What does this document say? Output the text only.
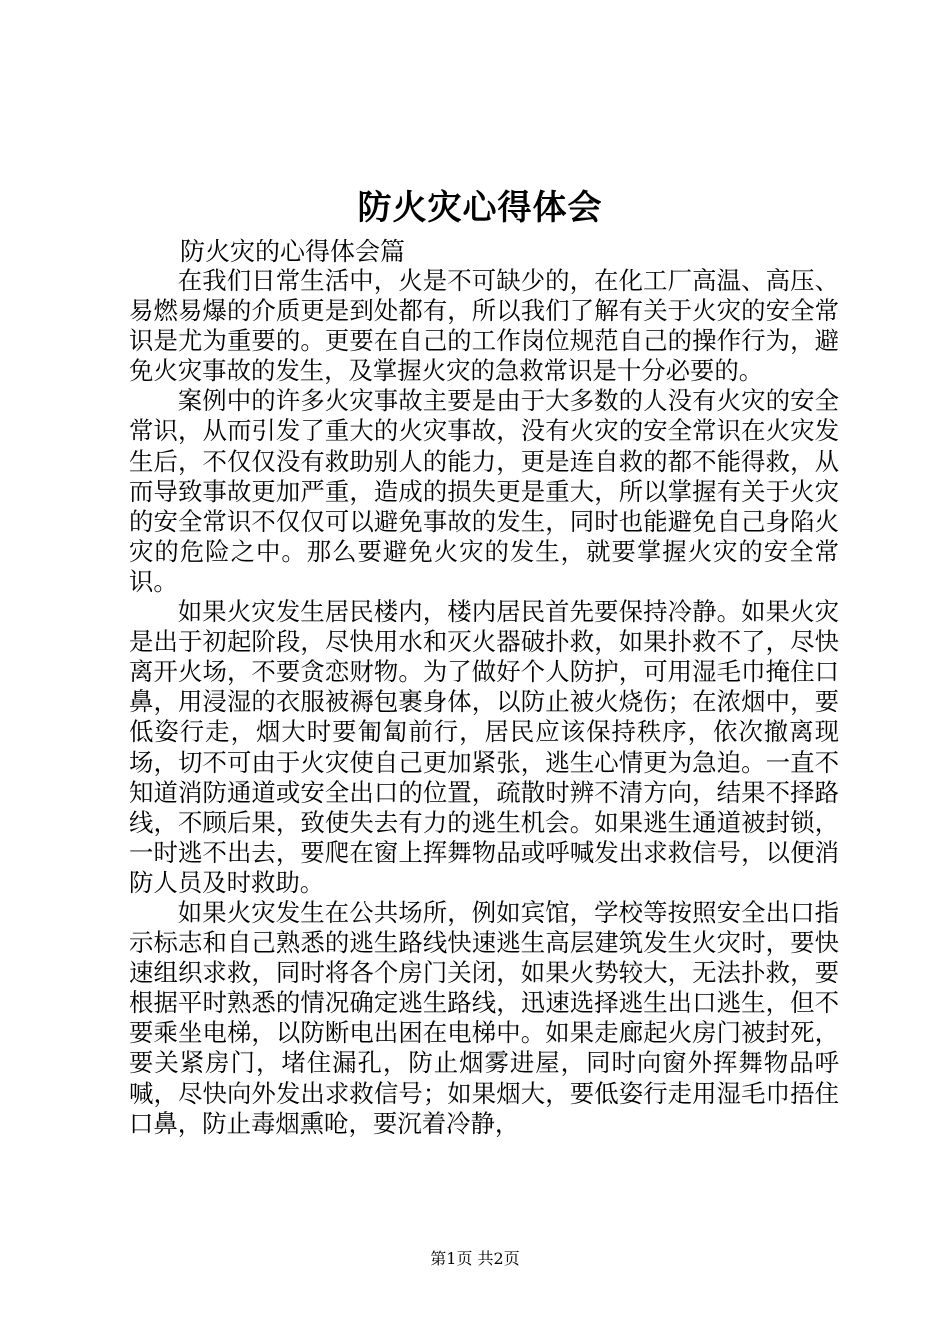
防火灾心得体会

防火灾的心得体会篇

在我们日常生活中，火是不可缺少的，在化工厂高温、高压、易燃易爆的介质更是到处都有，所以我们了解有关于火灾的安全常识是尤为重要的。更要在自己的工作岗位规范自己的操作行为，避免火灾事故的发生，及掌握火灾的急救常识是十分必要的。

案例中的许多火灾事故主要是由于大多数的人没有火灾的安全常识，从而引发了重大的火灾事故，没有火灾的安全常识在火灾发生后，不仅仅没有救助别人的能力，更是连自救的都不能得救，从而导致事故更加严重，造成的损失更是重大，所以掌握有关于火灾的安全常识不仅仅可以避免事故的发生，同时也能避免自己身陷火灾的危险之中。那么要避免火灾的发生，就要掌握火灾的安全常识。

如果火灾发生居民楼内，楼内居民首先要保持冷静。如果火灾是出于初起阶段，尽快用水和灭火器破扑救，如果扑救不了，尽快离开火场，不要贪恋财物。为了做好个人防护，可用湿毛巾掩住口鼻，用浸湿的衣服被褥包裹身体，以防止被火烧伤；在浓烟中，要低姿行走，烟大时要匍匐前行，居民应该保持秩序，依次撤离现场，切不可由于火灾使自己更加紧张，逃生心情更为急迫。一直不知道消防通道或安全出口的位置，疏散时辨不清方向，结果不择路线，不顾后果，致使失去有力的逃生机会。如果逃生通道被封锁，一时逃不出去，要爬在窗上挥舞物品或呼喊发出求救信号，以便消防人员及时救助。

如果火灾发生在公共场所，例如宾馆，学校等按照安全出口指示标志和自己熟悉的逃生路线快速逃生高层建筑发生火灾时，要快速组织求救，同时将各个房门关闭，如果火势较大，无法扑救，要根据平时熟悉的情况确定逃生路线，迅速选择逃生出口逃生，但不要乘坐电梯，以防断电出困在电梯中。如果走廊起火房门被封死，要关紧房门，堵住漏孔，防止烟雾进屋，同时向窗外挥舞物品呼喊，尽快向外发出求救信号；如果烟大，要低姿行走用湿毛巾捂住口鼻，防止毒烟熏呛，要沉着冷静，

第1页 共2页
